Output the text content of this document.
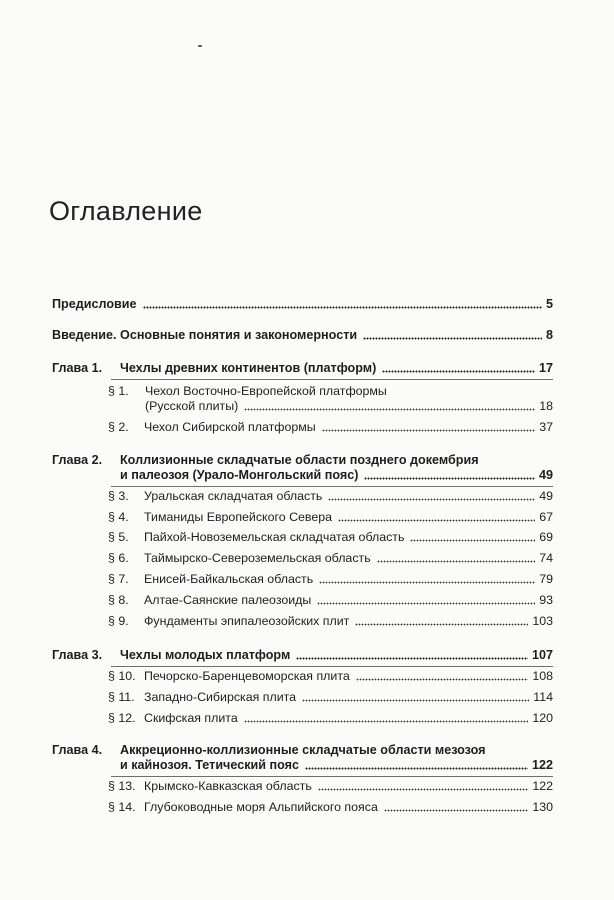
Оглавление
Предисловие	5
Введение. Основные понятия и закономерности	8
Глава 1. Чехлы древних континентов (платформ)	17
§ 1. Чехол Восточно-Европейской платформы
(Русской плиты)	18
§ 2.	Чехол Сибирской платформы	37
Глава 2. Коллизионные складчатые области позднего докембрия
и палеозоя (Урало-Монгольский пояс)	49
§ 3.	Уральская складчатая область	49
§ 4.	Тиманиды Европейского Севера	67
§ 5.	Пайхой-Новоземельская складчатая область	69
§ 6.	Таймырско-Североземельская область	74
§ 7.	Енисей-Байкальская область	79
§ 8.	Алтае-Саянские палеозоиды	93
§ 9.	Фундаменты эпипалеозойских плит	103
Глава 3. Чехлы молодых платформ	107
§ 10. Печорско-Баренцевоморская плита	108
§ 11. Западно-Сибирская плита	114
§ 12. Скифская плита	120
Глава 4. Аккреционно-коллизионные складчатые области мезозоя
и кайнозоя. Тетический пояс	122
§ 13. Крымско-Кавказская область	122
§ 14. Глубоководные моря Альпийского пояса	130
